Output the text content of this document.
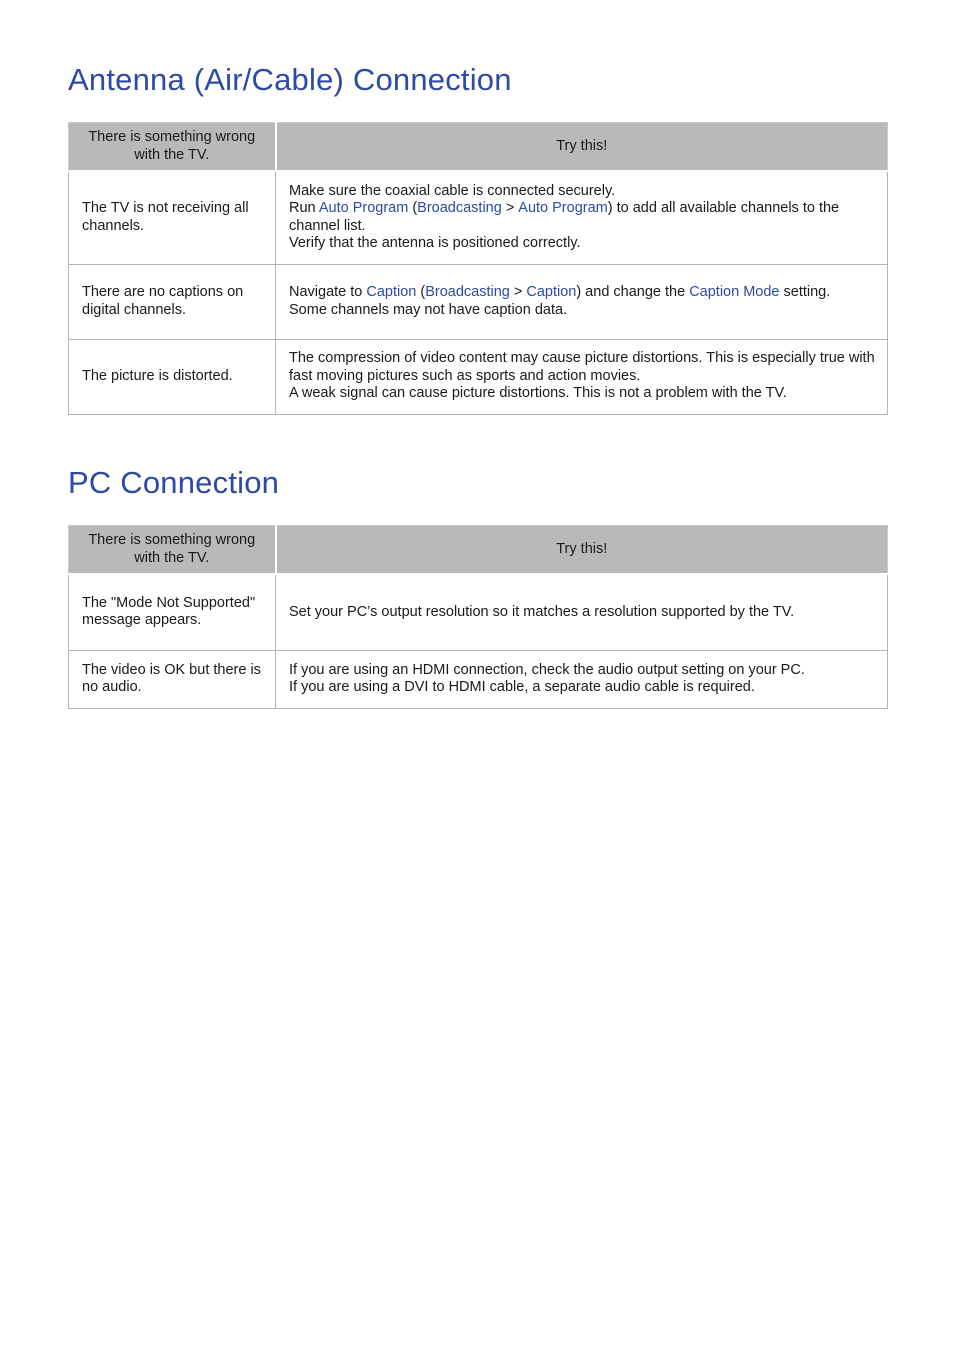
Antenna (Air/Cable) Connection
There is something wrong with the TV.	Try this!
The TV is not receiving all channels.	Make sure the coaxial cable is connected securely.
Run Auto Program (Broadcasting > Auto Program) to add all available channels to the channel list.
Verify that the antenna is positioned correctly.

There are no captions on digital channels.	Navigate to Caption (Broadcasting > Caption) and change the Caption Mode setting.
Some channels may not have caption data.

The picture is distorted.	The compression of video content may cause picture distortions. This is especially true with fast moving pictures such as sports and action movies.
A weak signal can cause picture distortions. This is not a problem with the TV.
PC Connection
There is something wrong with the TV.	Try this!
The "Mode Not Supported" message appears.	Set your PC’s output resolution so it matches a resolution supported by the TV.

The video is OK but there is no audio.	If you are using an HDMI connection, check the audio output setting on your PC.
If you are using a DVI to HDMI cable, a separate audio cable is required.
